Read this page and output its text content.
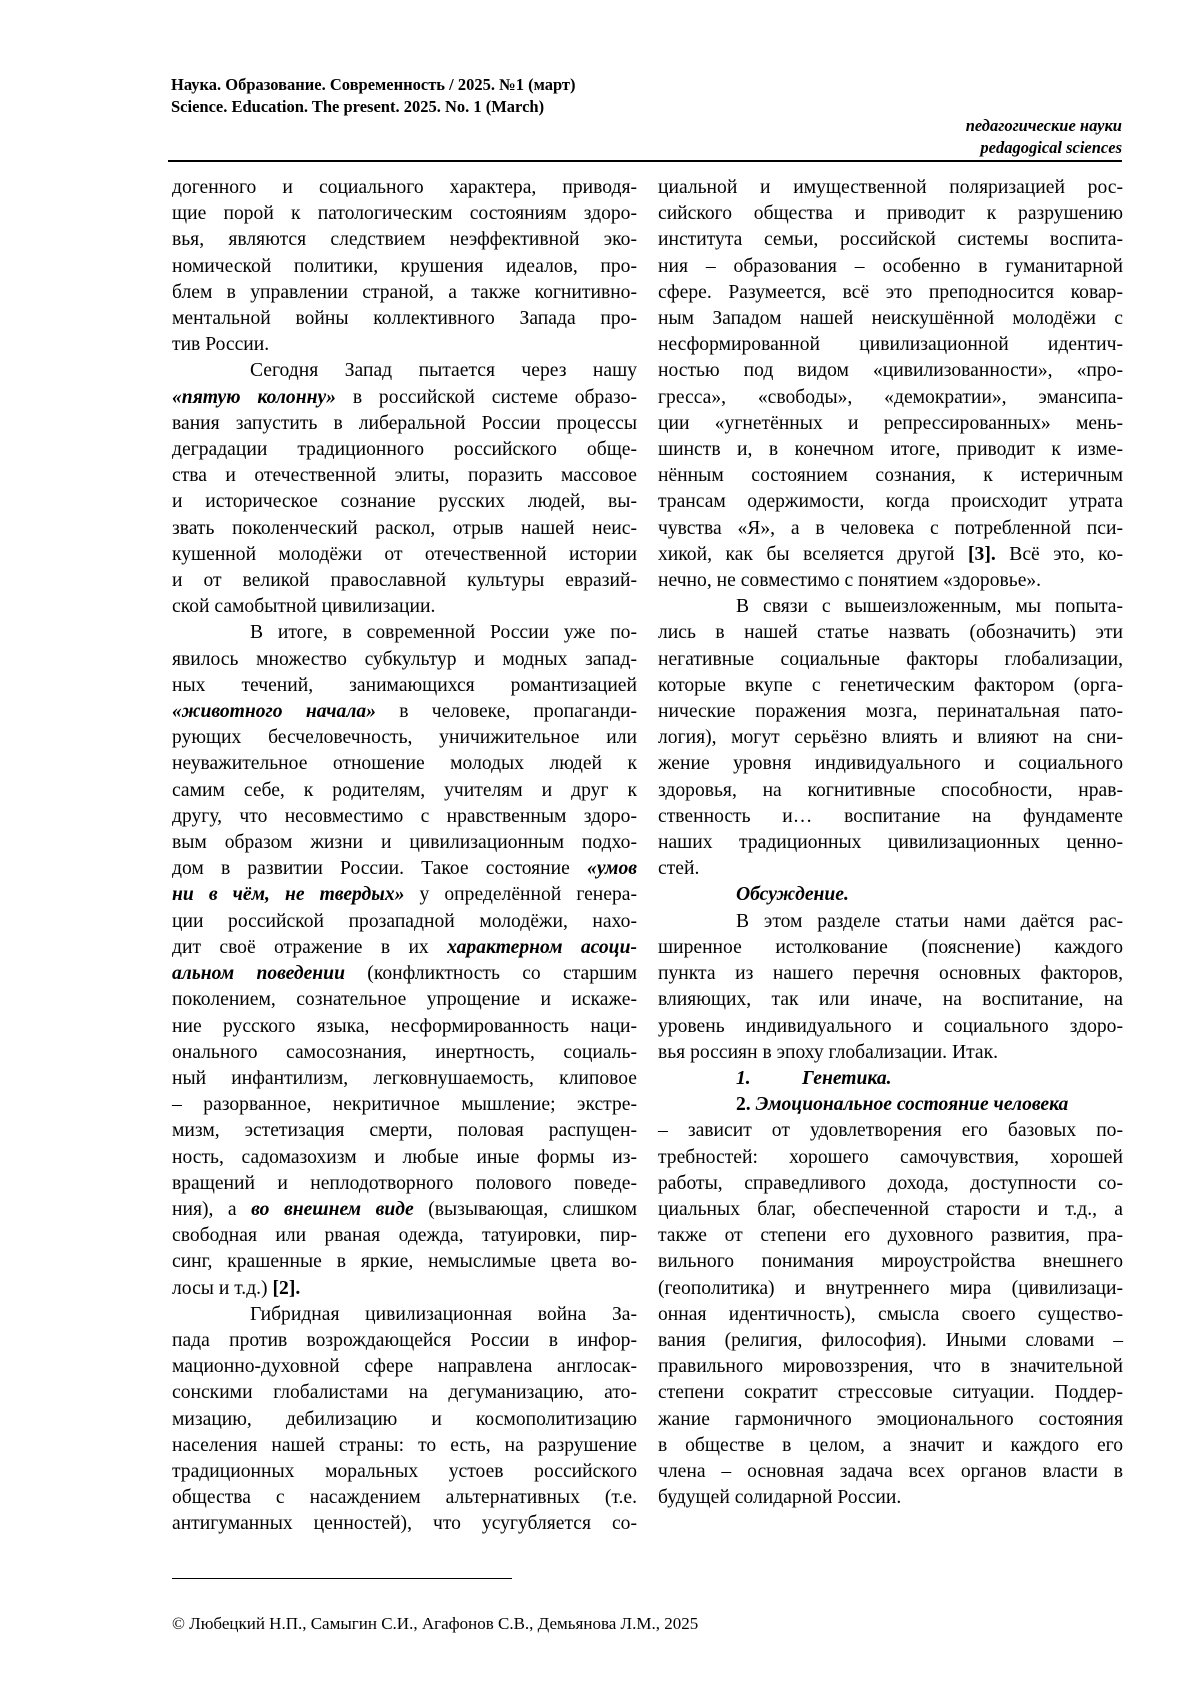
Наука. Образование. Современность / 2025. №1 (март)
Science. Education. The present. 2025. No. 1 (March)
педагогические науки
pedagogical sciences
догенного и социального характера, приводя-
щие порой к патологическим состояниям здоро-
вья, являются следствием неэффективной эко-
номической политики, крушения идеалов, про-
блем в управлении страной, а также когнитивно-
ментальной войны коллективного Запада про-
тив России.
Сегодня Запад пытается через нашу
«пятую колонну» в российской системе образо-
вания запустить в либеральной России процессы
деградации традиционного российского обще-
ства и отечественной элиты, поразить массовое
и историческое сознание русских людей, вы-
звать поколенческий раскол, отрыв нашей неис-
кушенной молодёжи от отечественной истории
и от великой православной культуры евразий-
ской самобытной цивилизации.
В итоге, в современной России уже по-
явилось множество субкультур и модных запад-
ных течений, занимающихся романтизацией
«животного начала» в человеке, пропаганди-
рующих бесчеловечность, уничижительное или
неуважительное отношение молодых людей к
самим себе, к родителям, учителям и друг к
другу, что несовместимо с нравственным здоро-
вым образом жизни и цивилизационным подхо-
дом в развитии России. Такое состояние «умов
ни в чём, не твердых» у определённой генера-
ции российской прозападной молодёжи, нахо-
дит своё отражение в их характерном асоци-
альном поведении (конфликтность со старшим
поколением, сознательное упрощение и искаже-
ние русского языка, несформированность наци-
онального самосознания, инертность, социаль-
ный инфантилизм, легковнушаемость, клиповое
– разорванное, некритичное мышление; экстре-
мизм, эстетизация смерти, половая распущен-
ность, садомазохизм и любые иные формы из-
вращений и неплодотворного полового поведе-
ния), а во внешнем виде (вызывающая, слишком
свободная или рваная одежда, татуировки, пир-
синг, крашенные в яркие, немыслимые цвета во-
лосы и т.д.) [2].
Гибридная цивилизационная война За-
пада против возрождающейся России в инфор-
мационно-духовной сфере направлена англосак-
сонскими глобалистами на дегуманизацию, ато-
мизацию, дебилизацию и космополитизацию
населения нашей страны: то есть, на разрушение
традиционных моральных устоев российского
общества с насаждением альтернативных (т.е.
антигуманных ценностей), что усугубляется со-
циальной и имущественной поляризацией рос-
сийского общества и приводит к разрушению
института семьи, российской системы воспита-
ния – образования – особенно в гуманитарной
сфере. Разумеется, всё это преподносится ковар-
ным Западом нашей неискушённой молодёжи с
несформированной цивилизационной идентич-
ностью под видом «цивилизованности», «про-
гресса», «свободы», «демократии», эмансипа-
ции «угнетённых и репрессированных» мень-
шинств и, в конечном итоге, приводит к изме-
нённым состоянием сознания, к истеричным
трансам одержимости, когда происходит утрата
чувства «Я», а в человека с потребленной пси-
хикой, как бы вселяется другой [3]. Всё это, ко-
нечно, не совместимо с понятием «здоровье».
В связи с вышеизложенным, мы попыта-
лись в нашей статье назвать (обозначить) эти
негативные социальные факторы глобализации,
которые вкупе с генетическим фактором (орга-
нические поражения мозга, перинатальная пато-
логия), могут серьёзно влиять и влияют на сни-
жение уровня индивидуального и социального
здоровья, на когнитивные способности, нрав-
ственность и… воспитание на фундаменте
наших традиционных цивилизационных ценно-
стей.
Обсуждение.
В этом разделе статьи нами даётся рас-
ширенное истолкование (пояснение) каждого
пункта из нашего перечня основных факторов,
влияющих, так или иначе, на воспитание, на
уровень индивидуального и социального здоро-
вья россиян в эпоху глобализации. Итак.
1.	Генетика.
2. Эмоциональное состояние человека
– зависит от удовлетворения его базовых по-
требностей: хорошего самочувствия, хорошей
работы, справедливого дохода, доступности со-
циальных благ, обеспеченной старости и т.д., а
также от степени его духовного развития, пра-
вильного понимания мироустройства внешнего
(геополитика) и внутреннего мира (цивилизаци-
онная идентичность), смысла своего существо-
вания (религия, философия). Иными словами –
правильного мировоззрения, что в значительной
степени сократит стрессовые ситуации. Поддер-
жание гармоничного эмоционального состояния
в обществе в целом, а значит и каждого его
члена – основная задача всех органов власти в
будущей солидарной России.
© Любецкий Н.П., Самыгин С.И., Агафонов С.В., Демьянова Л.М., 2025
